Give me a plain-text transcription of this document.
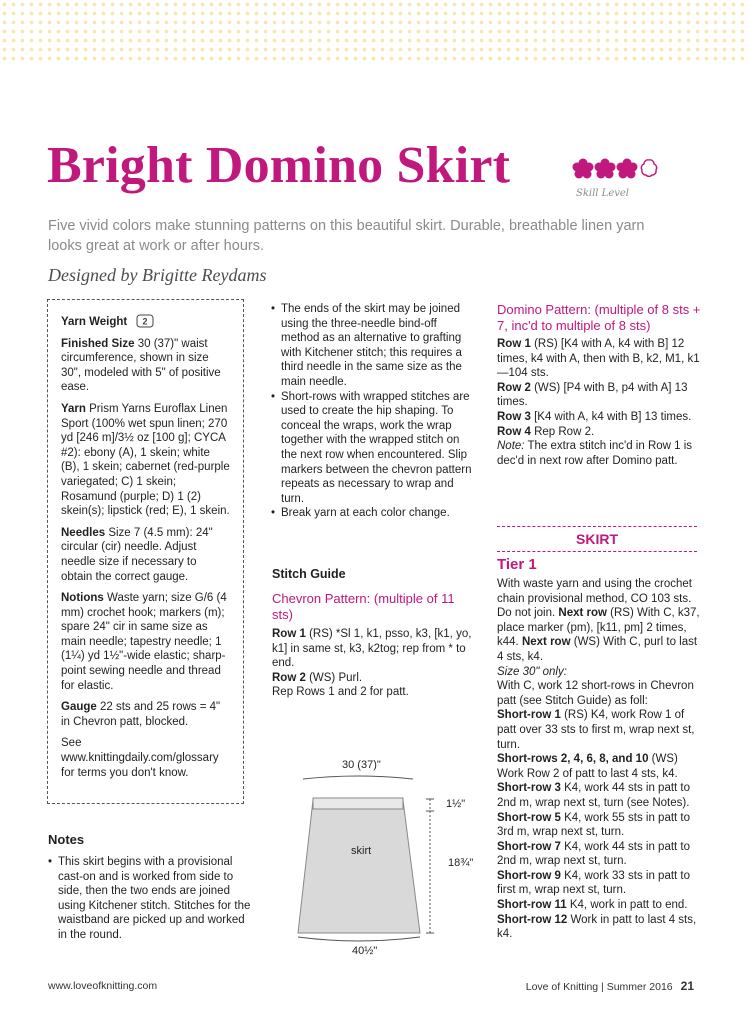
Bright Domino Skirt	Skill Level

Five vivid colors make stunning patterns on this beautiful skirt. Durable, breathable linen yarn looks great at work or after hours.

Designed by Brigitte Reydams

Yarn Weight 2

Finished Size 30 (37)" waist circumference, shown in size 30", modeled with 5" of positive ease.

Yarn Prism Yarns Euroflax Linen Sport (100% wet spun linen; 270 yd [246 m]/3½ oz [100 g]; CYCA #2): ebony (A), 1 skein; white (B), 1 skein; cabernet (red-purple variegated; C) 1 skein; Rosamund (purple; D) 1 (2) skein(s); lipstick (red; E), 1 skein.

Needles Size 7 (4.5 mm): 24" circular (cir) needle. Adjust needle size if necessary to obtain the correct gauge.

Notions Waste yarn; size G/6 (4 mm) crochet hook; markers (m); spare 24" cir in same size as main needle; tapestry needle; 1 (1¼) yd 1½"-wide elastic; sharp-point sewing needle and thread for elastic.

Gauge 22 sts and 25 rows = 4" in Chevron patt, blocked.

See www.knittingdaily.com/glossary for terms you don't know.

Notes
• This skirt begins with a provisional cast-on and is worked from side to side, then the two ends are joined using Kitchener stitch. Stitches for the waistband are picked up and worked in the round.
• The ends of the skirt may be joined using the three-needle bind-off method as an alternative to grafting with Kitchener stitch; this requires a third needle in the same size as the main needle.
• Short-rows with wrapped stitches are used to create the hip shaping. To conceal the wraps, work the wrap together with the wrapped stitch on the next row when encountered. Slip markers between the chevron pattern repeats as necessary to wrap and turn.
• Break yarn at each color change.
Stitch Guide
Chevron Pattern: (multiple of 11 sts)
Row 1 (RS) *Sl 1, k1, psso, k3, [k1, yo, k1] in same st, k3, k2tog; rep from * to end.
Row 2 (WS) Purl.
Rep Rows 1 and 2 for patt.
30 (37)"
skirt
1½"
18¾"
40½"
Domino Pattern: (multiple of 8 sts + 7, inc'd to multiple of 8 sts)
Row 1 (RS) [K4 with A, k4 with B] 12 times, k4 with A, then with B, k2, M1, k1—104 sts.
Row 2 (WS) [P4 with B, p4 with A] 13 times.
Row 3 [K4 with A, k4 with B] 13 times.
Row 4 Rep Row 2.
Note: The extra stitch inc'd in Row 1 is dec'd in next row after Domino patt.
SKIRT
Tier 1
With waste yarn and using the crochet chain provisional method, CO 103 sts. Do not join. Next row (RS) With C, k37, place marker (pm), [k11, pm] 2 times, k44. Next row (WS) With C, purl to last 4 sts, k4.
Size 30" only:
With C, work 12 short-rows in Chevron patt (see Stitch Guide) as foll:
Short-row 1 (RS) K4, work Row 1 of patt over 33 sts to first m, wrap next st, turn.
Short-rows 2, 4, 6, 8, and 10 (WS) Work Row 2 of patt to last 4 sts, k4.
Short-row 3 K4, work 44 sts in patt to 2nd m, wrap next st, turn (see Notes).
Short-row 5 K4, work 55 sts in patt to 3rd m, wrap next st, turn.
Short-row 7 K4, work 44 sts in patt to 2nd m, wrap next st, turn.
Short-row 9 K4, work 33 sts in patt to first m, wrap next st, turn.
Short-row 11 K4, work in patt to end.
Short-row 12 Work in patt to last 4 sts, k4.
www.loveofknitting.com	Love of Knitting | Summer 2016 21
